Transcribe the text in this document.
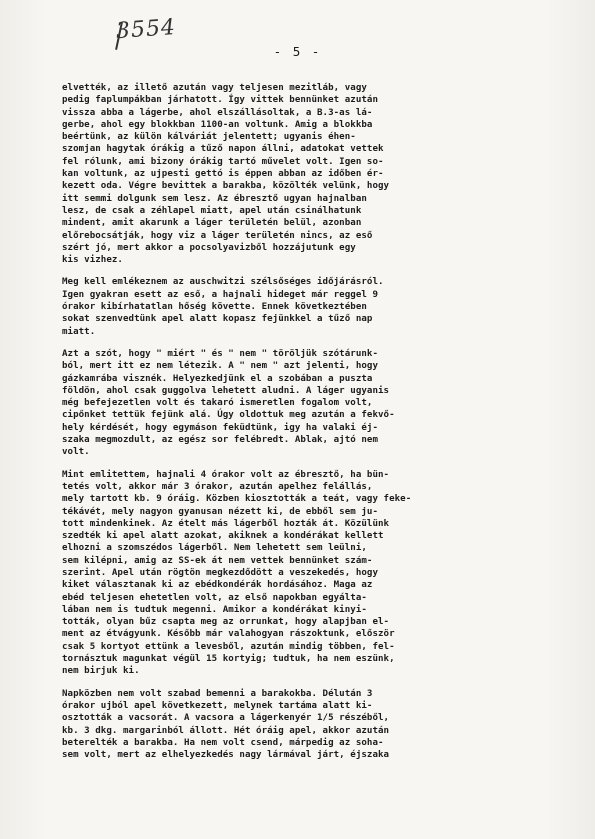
3554
- 5 -
elvették, az illető azután vagy teljesen mezitláb, vagy
pedig faplumpákban járhatott. Így vittek bennünket azután
vissza abba a lágerbe, ahol elszállásoltak, a B.3-as lá-
gerbe, ahol egy blokkban 1100-an voltunk. Amig a blokkba
beértünk, az külön kálváriát jelentett; ugyanis éhen-
szomjan hagytak órákig a tűző napon állni, adatokat vettek
fel rólunk, ami bizony órákig tartó művelet volt. Igen so-
kan voltunk, az ujpesti gettó is éppen abban az időben ér-
kezett oda. Végre bevittek a barakba, közölték velünk, hogy
itt semmi dolgunk sem lesz. Az ébresztő ugyan hajnalban
lesz, de csak a zéhlapel miatt, apel után csinálhatunk
mindent, amit akarunk a láger területén belül, azonban
előrebocsátják, hogy viz a láger területén nincs, az eső
szért jó, mert akkor a pocsolyavizből hozzájutunk egy
kis vizhez.
Meg kell emlékeznem az auschwitzi szélsőséges időjárásról.
Igen gyakran esett az eső, a hajnali hideget már reggel 9
órakor kibírhatatlan hőség követte. Ennek következtében
sokat szenvedtünk apel alatt kopasz fejünkkel a tűző nap
miatt.
Azt a szót, hogy " miért " és " nem " töröljük szótárunk-
ból, mert itt ez nem létezik. A " nem " azt jelenti, hogy
gázkamrába visznék. Helyezkedjünk el a szobában a puszta
földön, ahol csak guggolva lehetett aludni. A láger ugyanis
még befejezetlen volt és takaró ismeretlen fogalom volt,
cipőnket tettük fejünk alá. Úgy oldottuk meg azután a fekvő-
hely kérdését, hogy egymáson feküdtünk, igy ha valaki éj-
szaka megmozdult, az egész sor felébredt. Ablak, ajtó nem
volt.
Mint emlitettem, hajnali 4 órakor volt az ébresztő, ha bün-
tetés volt, akkor már 3 órakor, azután apelhez felállás,
mely tartott kb. 9 óráig. Közben kiosztották a teát, vagy feke-
tékávét, mely nagyon gyanusan nézett ki, de ebből sem ju-
tott mindenkinek. Az ételt más lágerből hozták át. Közülünk
szedték ki apel alatt azokat, akiknek a kondérákat kellett
elhozni a szomszédos lágerből. Nem lehetett sem leülni,
sem kilépni, amig az SS-ek át nem vettek bennünket szám-
szerint. Apel után rögtön megkezdődött a veszekedés, hogy
kiket választanak ki az ebédkondérák hordásához. Maga az
ebéd teljesen ehetetlen volt, az első napokban egyálta-
lában nem is tudtuk megenni. Amikor a kondérákat kinyi-
tották, olyan bűz csapta meg az orrunkat, hogy alapjban el-
ment az étvágyunk. Később már valahogyan rászoktunk, először
csak 5 kortyot ettünk a levesből, azután mindig többen, fel-
tornásztuk magunkat végül 15 kortyig; tudtuk, ha nem eszünk,
nem birjuk ki.
Napközben nem volt szabad bemenni a barakokba. Délután 3
órakor ujból apel következett, melynek tartáma alatt ki-
osztották a vacsorát. A vacsora a lágerkenyér 1/5 részéből,
kb. 3 dkg. margarinból állott. Hét óráig apel, akkor azután
beterelték a barakba. Ha nem volt csend, márpedig az soha-
sem volt, mert az elhelyezkedés nagy lármával járt, éjszaka
